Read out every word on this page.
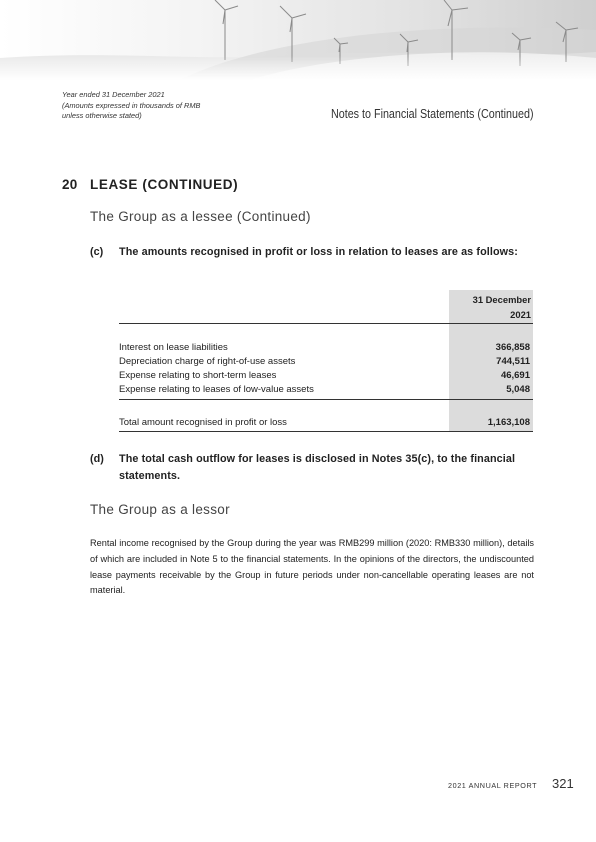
Year ended 31 December 2021
(Amounts expressed in thousands of RMB
unless otherwise stated)	Notes to Financial Statements (Continued)
20 LEASE (CONTINUED)
The Group as a lessee (Continued)
(c) The amounts recognised in profit or loss in relation to leases are as follows:
31 December
2021
Interest on lease liabilities	366,858
Depreciation charge of right-of-use assets	744,511
Expense relating to short-term leases	46,691
Expense relating to leases of low-value assets	5,048
Total amount recognised in profit or loss	1,163,108
(d) The total cash outflow for leases is disclosed in Notes 35(c), to the financial statements.
The Group as a lessor
Rental income recognised by the Group during the year was RMB299 million (2020: RMB330 million), details of which are included in Note 5 to the financial statements. In the opinions of the directors, the undiscounted lease payments receivable by the Group in future periods under non-cancellable operating leases are not material.
2021 ANNUAL REPORT 321
